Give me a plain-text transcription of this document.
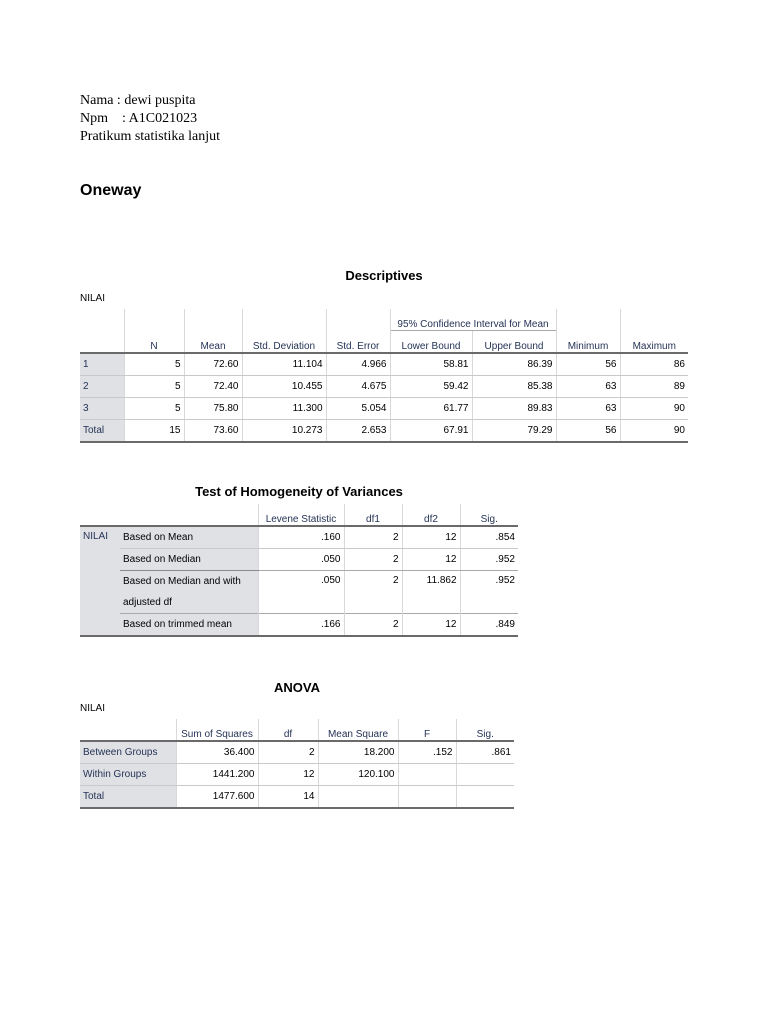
Nama : dewi puspita
Npm    : A1C021023
Pratikum statistika lanjut
Oneway
Descriptives
NILAI
					95% Confidence Interval for Mean			
	N	Mean	Std. Deviation	Std. Error	Lower Bound	Upper Bound	Minimum	Maximum
1	5	72.60	11.104	4.966	58.81	86.39	56	86
2	5	72.40	10.455	4.675	59.42	85.38	63	89
3	5	75.80	11.300	5.054	61.77	89.83	63	90
Total	15	73.60	10.273	2.653	67.91	79.29	56	90
Test of Homogeneity of Variances
		Levene Statistic	df1	df2	Sig.
NILAI	Based on Mean	.160	2	12	.854
	Based on Median	.050	2	12	.952
	Based on Median and with	.050	2	11.862	.952
	adjusted df				
	Based on trimmed mean	.166	2	12	.849
ANOVA
NILAI
	Sum of Squares	df	Mean Square	F	Sig.
Between Groups	36.400	2	18.200	.152	.861
Within Groups	1441.200	12	120.100		
Total	1477.600	14			
